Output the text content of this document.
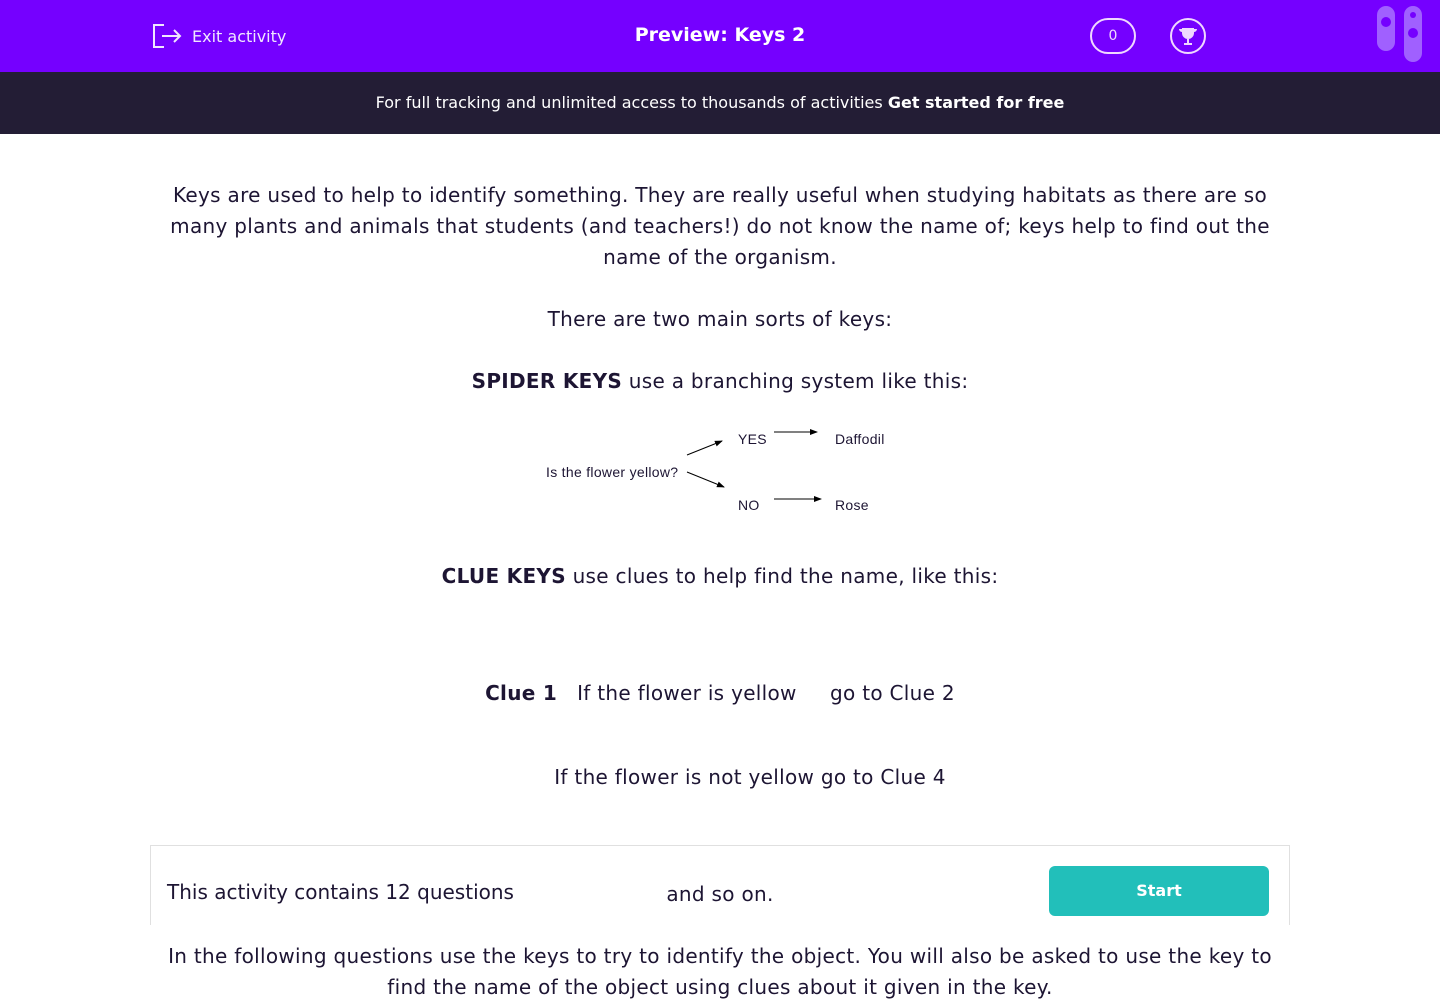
Exit activity	Preview: Keys 2	0
For full tracking and unlimited access to thousands of activities Get started for free

Keys are used to help to identify something. They are really useful when studying habitats as there are so many plants and animals that students (and teachers!) do not know the name of; keys help to find out the name of the organism.

There are two main sorts of keys:

SPIDER KEYS use a branching system like this:

Is the flower yellow?
YES
NO
Daffodil
Rose

CLUE KEYS use clues to help find the name, like this:

Clue 1 If the flower is yellow     go to Clue 2

If the flower is not yellow go to Clue 4

and so on.

In the following questions use the keys to try to identify the object. You will also be asked to use the key to find the name of the object using clues about it given in the key.

This activity contains 12 questions	Start
